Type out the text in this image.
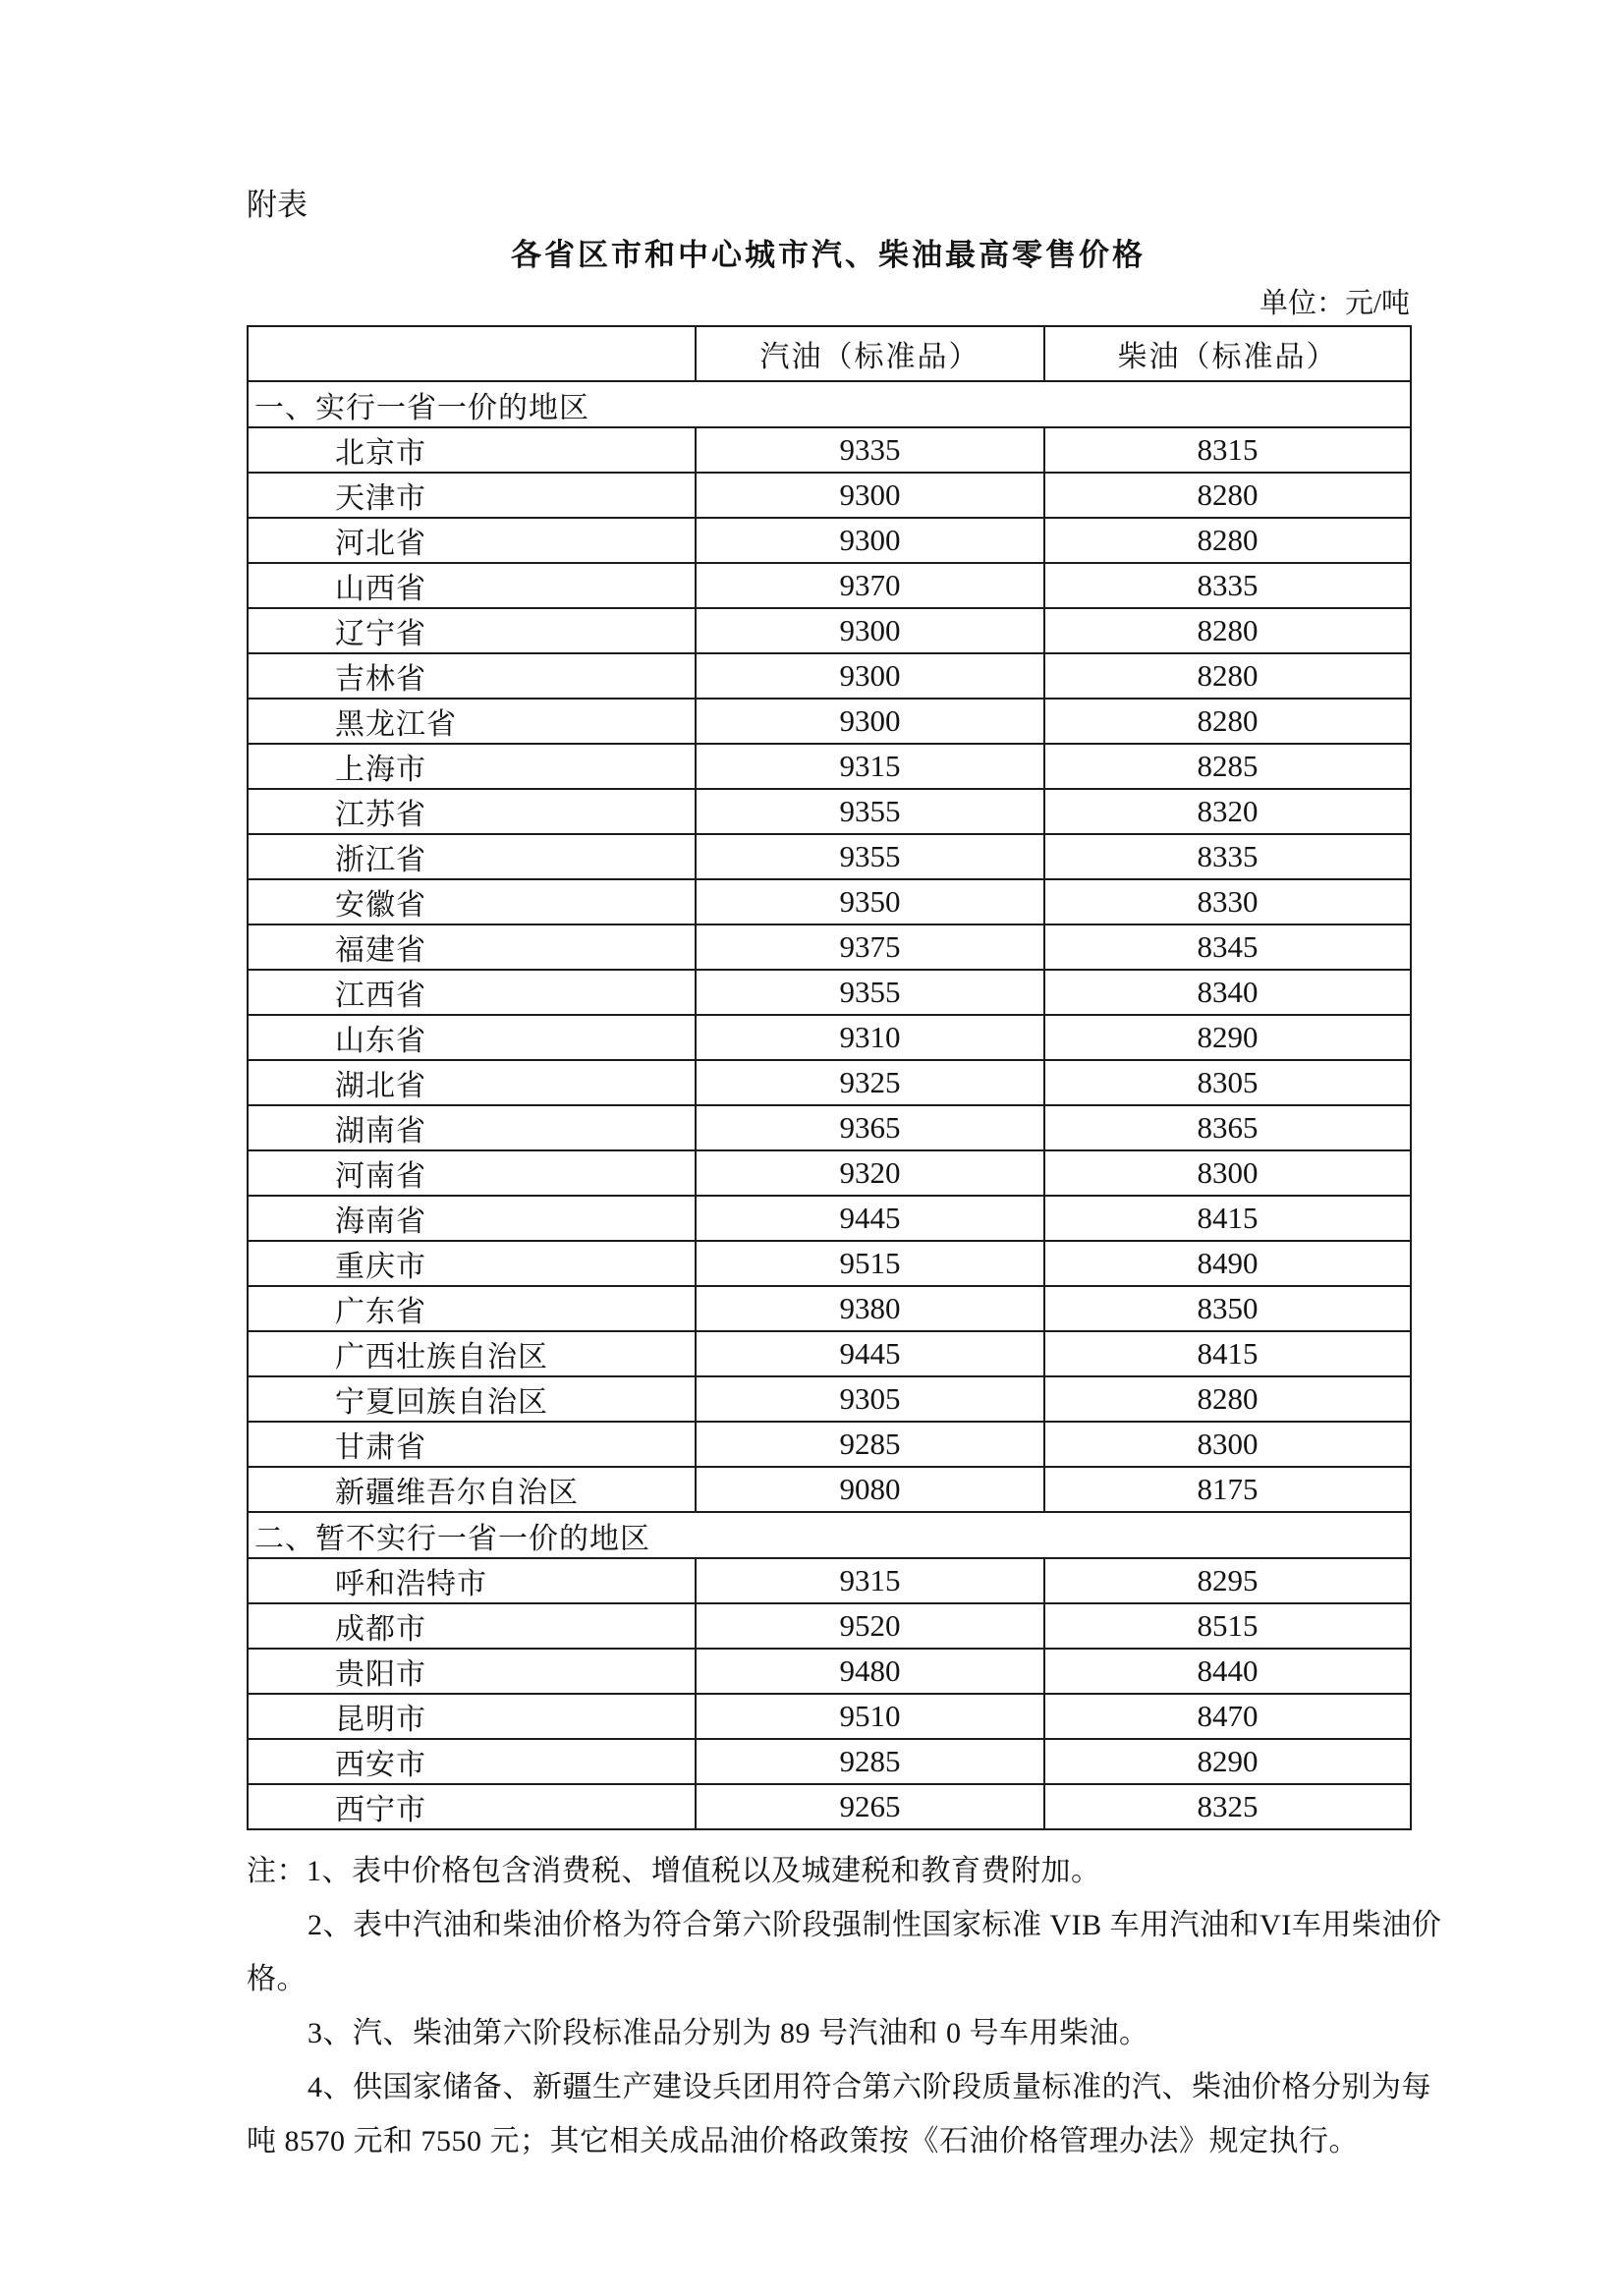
附表
各省区市和中心城市汽、柴油最高零售价格
单位：元/吨
	汽油（标准品）	柴油（标准品）
一、实行一省一价的地区		
北京市	9335	8315
天津市	9300	8280
河北省	9300	8280
山西省	9370	8335
辽宁省	9300	8280
吉林省	9300	8280
黑龙江省	9300	8280
上海市	9315	8285
江苏省	9355	8320
浙江省	9355	8335
安徽省	9350	8330
福建省	9375	8345
江西省	9355	8340
山东省	9310	8290
湖北省	9325	8305
湖南省	9365	8365
河南省	9320	8300
海南省	9445	8415
重庆市	9515	8490
广东省	9380	8350
广西壮族自治区	9445	8415
宁夏回族自治区	9305	8280
甘肃省	9285	8300
新疆维吾尔自治区	9080	8175
二、暂不实行一省一价的地区		
呼和浩特市	9315	8295
成都市	9520	8515
贵阳市	9480	8440
昆明市	9510	8470
西安市	9285	8290
西宁市	9265	8325
注：1、表中价格包含消费税、增值税以及城建税和教育费附加。
2、表中汽油和柴油价格为符合第六阶段强制性国家标准 VIB 车用汽油和VI车用柴油价
格。
3、汽、柴油第六阶段标准品分别为 89 号汽油和 0 号车用柴油。
4、供国家储备、新疆生产建设兵团用符合第六阶段质量标准的汽、柴油价格分别为每
吨 8570 元和 7550 元；其它相关成品油价格政策按《石油价格管理办法》规定执行。
